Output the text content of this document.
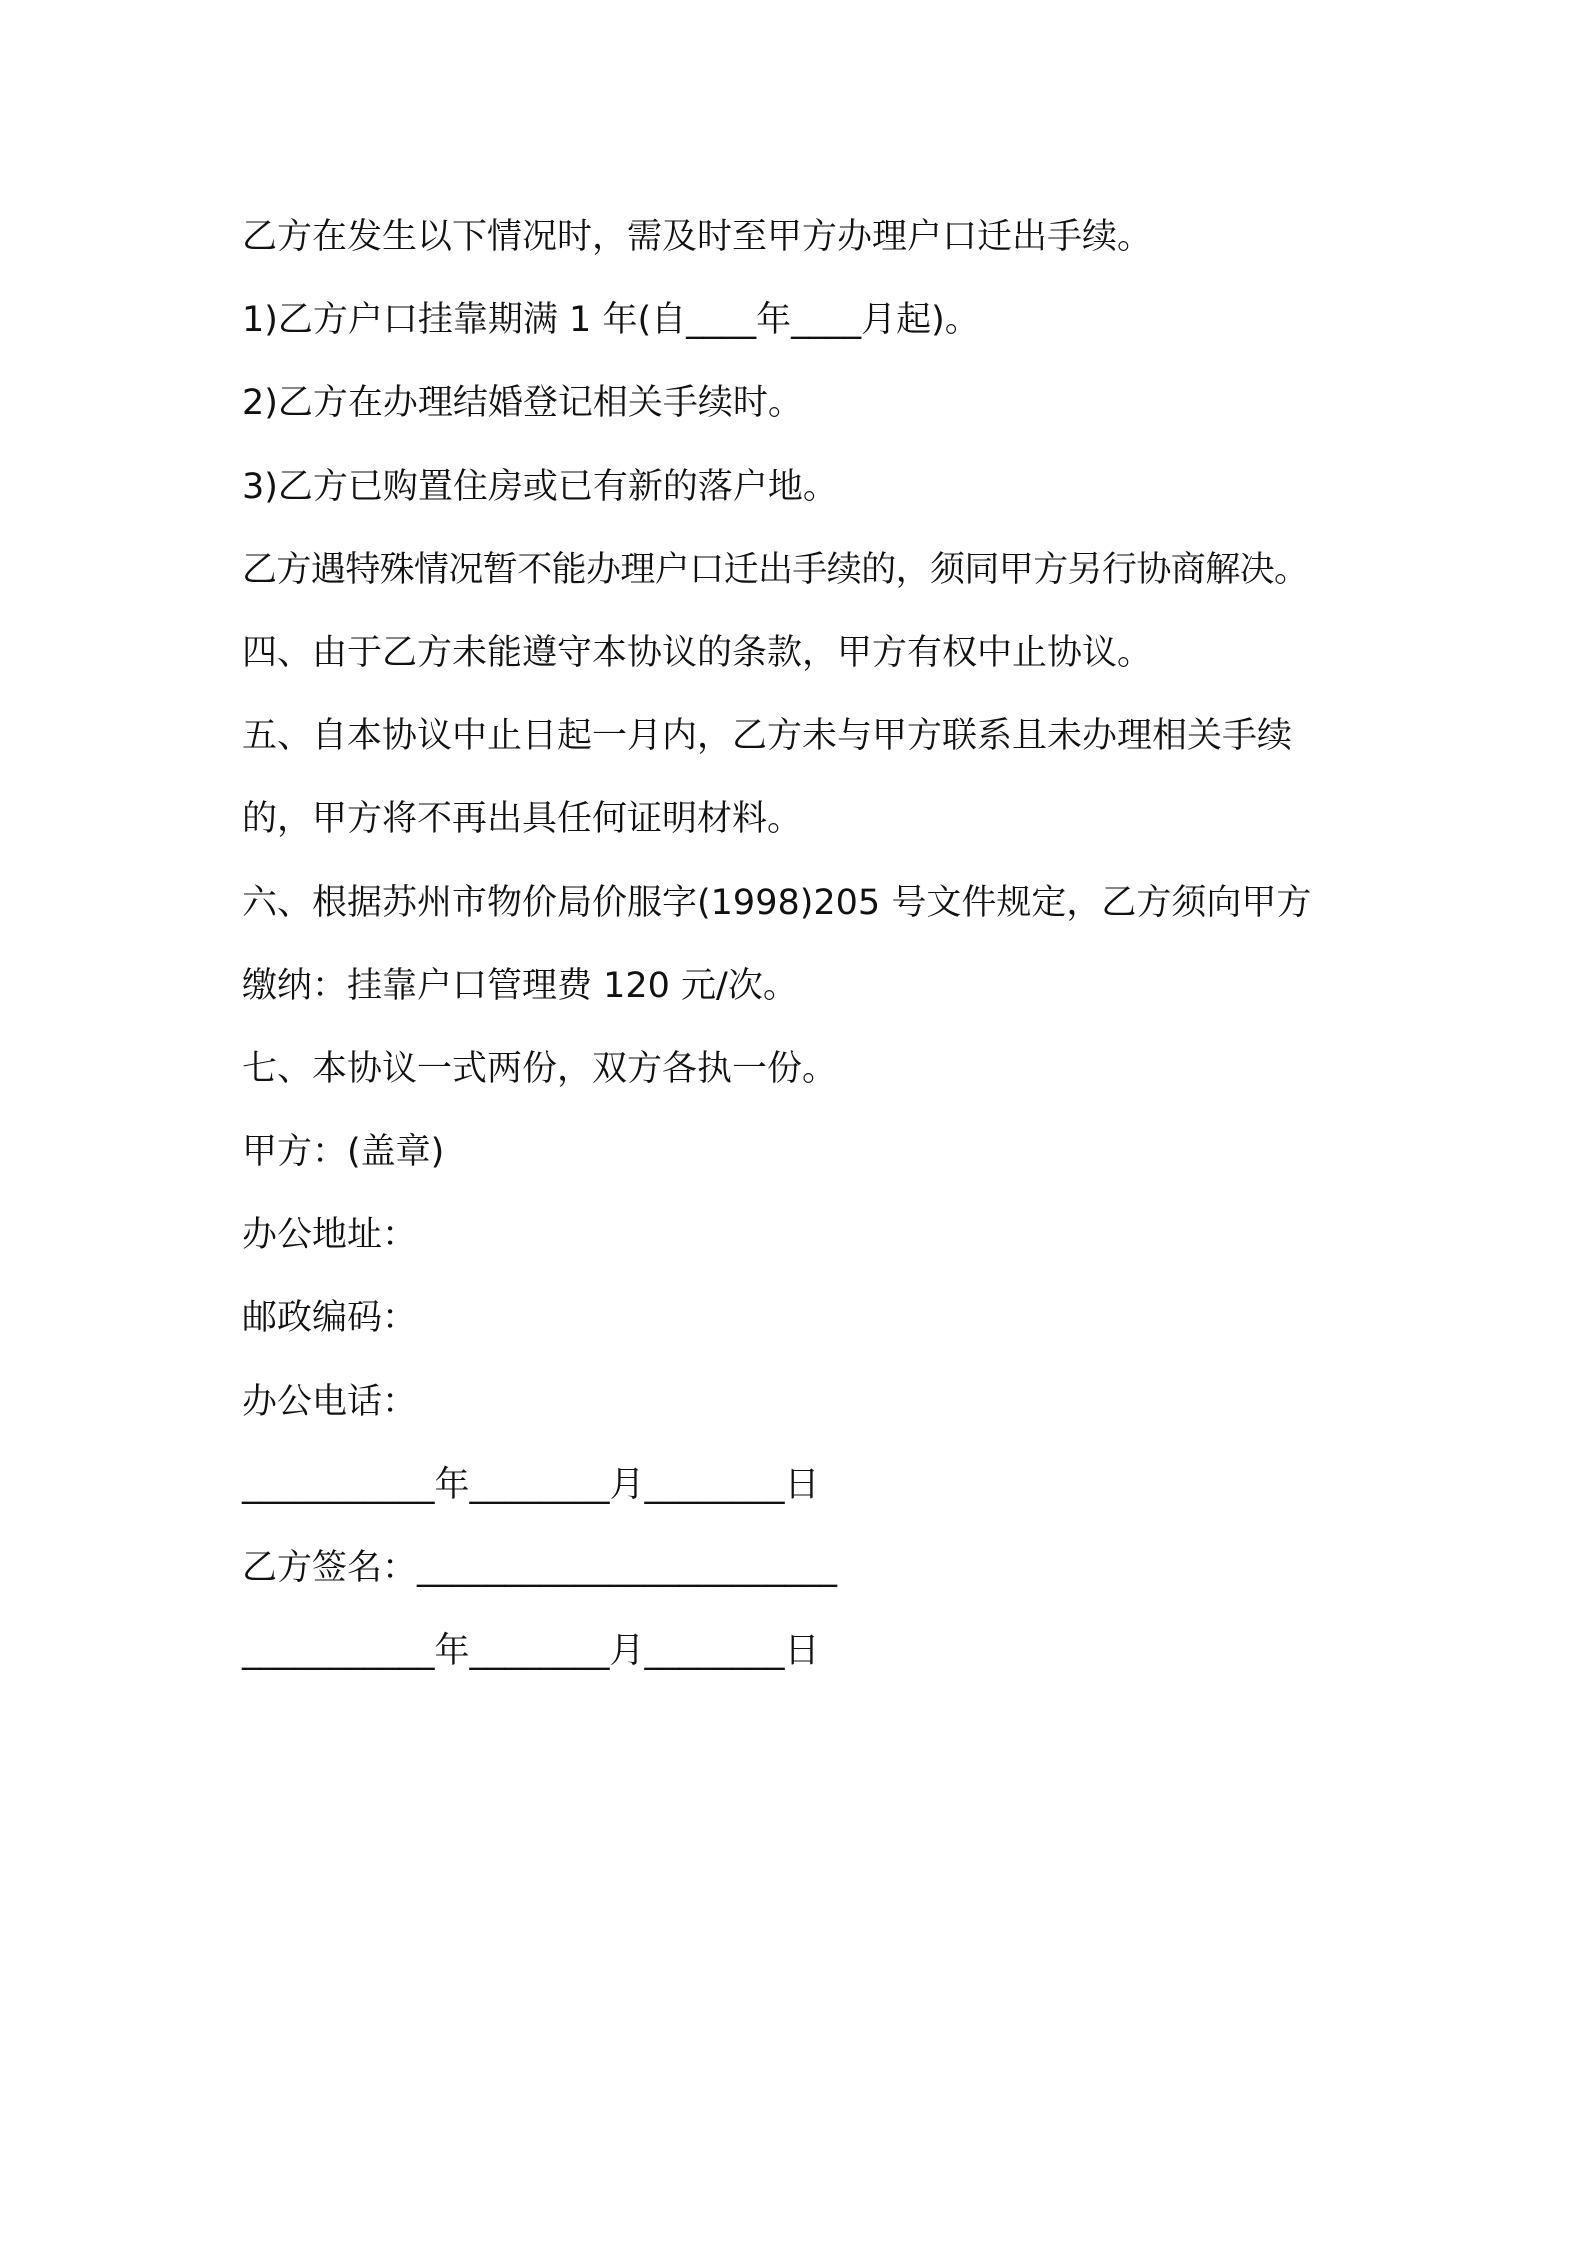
乙方在发生以下情况时，需及时至甲方办理户口迁出手续。

1)乙方户口挂靠期满 1 年(自____年____月起)。

2)乙方在办理结婚登记相关手续时。

3)乙方已购置住房或已有新的落户地。

乙方遇特殊情况暂不能办理户口迁出手续的，须同甲方另行协商解决。

四、由于乙方未能遵守本协议的条款，甲方有权中止协议。

五、自本协议中止日起一月内，乙方未与甲方联系且未办理相关手续

的，甲方将不再出具任何证明材料。

六、根据苏州市物价局价服字(1998)205 号文件规定，乙方须向甲方

缴纳：挂靠户口管理费 120 元/次。

七、本协议一式两份，双方各执一份。

甲方：(盖章)

办公地址：

邮政编码：

办公电话：

___________年________月________日

乙方签名：________________________

___________年________月________日
